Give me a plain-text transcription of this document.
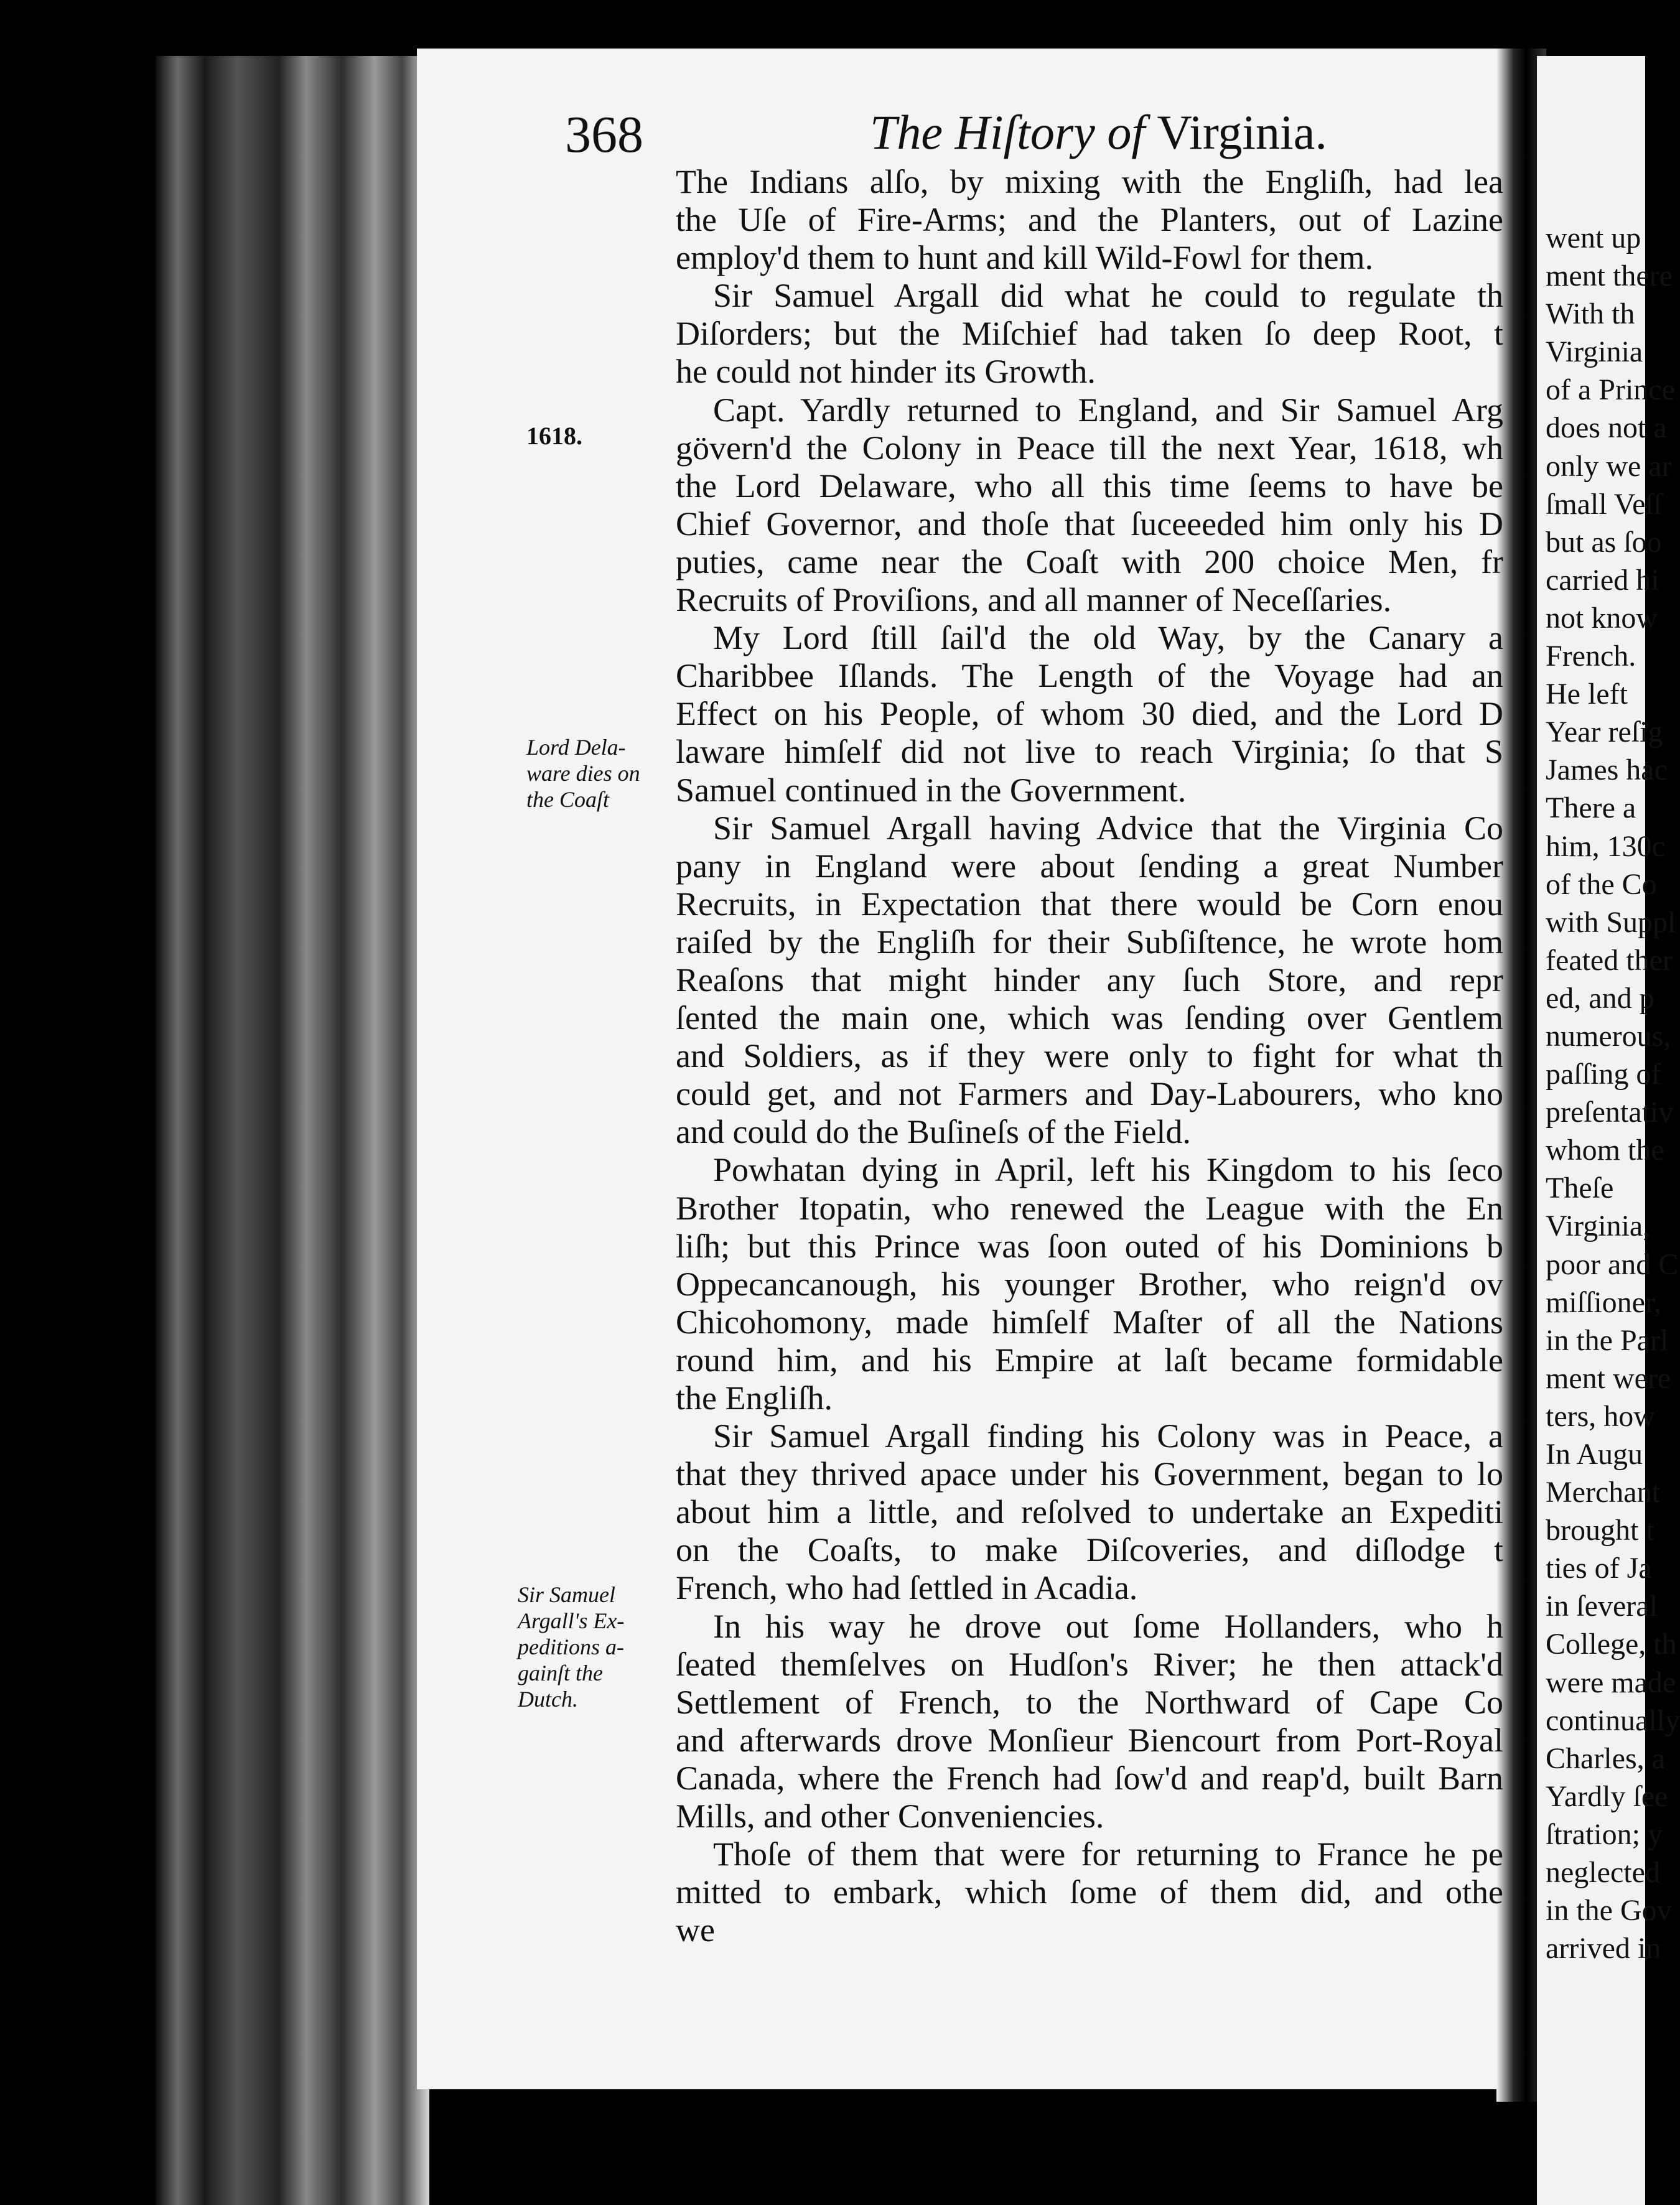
went up
ment there
With th
Virginia
of a Prince
does not a
only we ar
ſmall Veſſ
but as ſoo
carried hi
not know
French.
He left
Year reſig
James hac
There a
him, 130c
of the Co
with Suppl
feated ther
ed, and p
numerous,
paſſing of
preſentativ
whom the
Theſe
Virginia,
poor and C
miſſioner,
in the Parl
ment were
ters, how
In Augu
Merchant
brought t
ties of Ja
in ſeveral
College, th
were made
continually
Charles, a
Yardly ſee
ſtration; y
neglected
in the Gov
arrived in
368	The Hiſtory of Virginia.
1618.
Lord Dela-
ware dies on
the Coaſt
Sir Samuel
Argall's Ex-
peditions a-
gainſt the
Dutch.
The Indians alſo, by mixing with the Engliſh, had lea
the Uſe of Fire-Arms; and the Planters, out of Lazine
employ'd them to hunt and kill Wild-Fowl for them.
Sir Samuel Argall did what he could to regulate th
Diſorders; but the Miſchief had taken ſo deep Root, t
he could not hinder its Growth.
Capt. Yardly returned to England, and Sir Samuel Arg
gövern'd the Colony in Peace till the next Year, 1618, wh
the Lord Delaware, who all this time ſeems to have be
Chief Governor, and thoſe that ſuceeeded him only his D
puties, came near the Coaſt with 200 choice Men, fr
Recruits of Proviſions, and all manner of Neceſſaries.
My Lord ſtill ſail'd the old Way, by the Canary a
Charibbee Iſlands. The Length of the Voyage had an
Effect on his People, of whom 30 died, and the Lord D
laware himſelf did not live to reach Virginia; ſo that S
Samuel continued in the Government.
Sir Samuel Argall having Advice that the Virginia Co
pany in England were about ſending a great Number
Recruits, in Expectation that there would be Corn enou
raiſed by the Engliſh for their Subſiſtence, he wrote hom
Reaſons that might hinder any ſuch Store, and repr
ſented the main one, which was ſending over Gentlem
and Soldiers, as if they were only to fight for what th
could get, and not Farmers and Day-Labourers, who kno
and could do the Buſineſs of the Field.
Powhatan dying in April, left his Kingdom to his ſeco
Brother Itopatin, who renewed the League with the En
liſh; but this Prince was ſoon outed of his Dominions b
Oppecancanough, his younger Brother, who reign'd ov
Chicohomony, made himſelf Maſter of all the Nations
round him, and his Empire at laſt became formidable
the Engliſh.
Sir Samuel Argall finding his Colony was in Peace, a
that they thrived apace under his Government, began to lo
about him a little, and reſolved to undertake an Expediti
on the Coaſts, to make Diſcoveries, and diſlodge t
French, who had ſettled in Acadia.
In his way he drove out ſome Hollanders, who h
ſeated themſelves on Hudſon's River; he then attack'd
Settlement of French, to the Northward of Cape Co
and afterwards drove Monſieur Biencourt from Port-Royal
Canada, where the French had ſow'd and reap'd, built Barn
Mills, and other Conveniencies.
Thoſe of them that were for returning to France he pe
mitted to embark, which ſome of them did, and othe
we
